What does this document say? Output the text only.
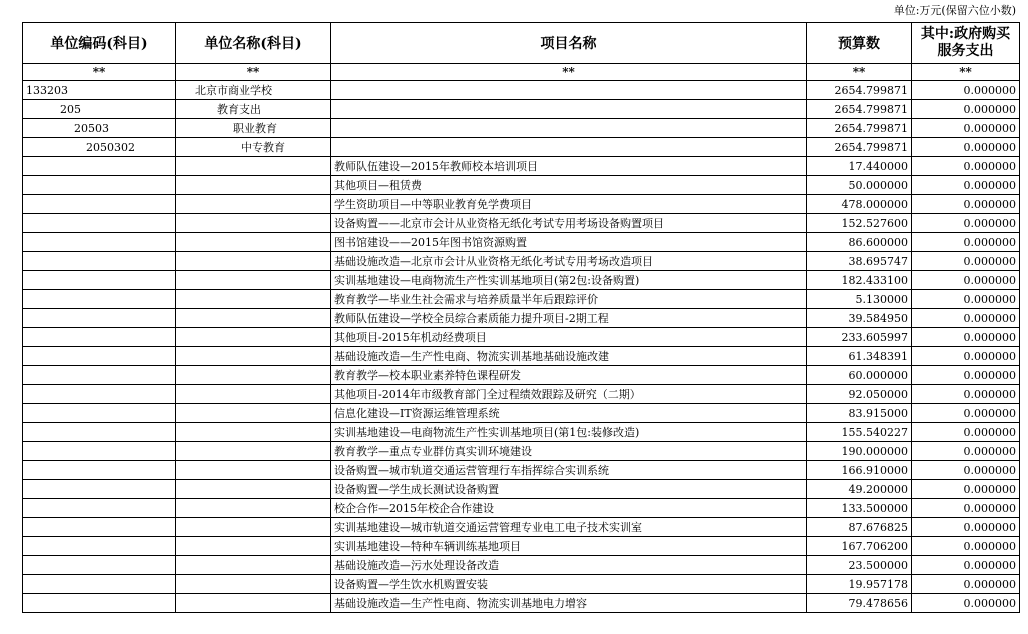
单位:万元(保留六位小数)
单位编码(科目)	单位名称(科目)	项目名称	预算数	其中:政府购买服务支出
**	**	**	**	**
133203	北京市商业学校		2654.799871	0.000000
205	教育支出		2654.799871	0.000000
20503	职业教育		2654.799871	0.000000
2050302	中专教育		2654.799871	0.000000
		教师队伍建设—2015年教师校本培训项目	17.440000	0.000000
		其他项目—租赁费	50.000000	0.000000
		学生资助项目—中等职业教育免学费项目	478.000000	0.000000
		设备购置——北京市会计从业资格无纸化考试专用考场设备购置项目	152.527600	0.000000
		图书馆建设——2015年图书馆资源购置	86.600000	0.000000
		基础设施改造—北京市会计从业资格无纸化考试专用考场改造项目	38.695747	0.000000
		实训基地建设—电商物流生产性实训基地项目(第2包:设备购置)	182.433100	0.000000
		教育教学—毕业生社会需求与培养质量半年后跟踪评价	5.130000	0.000000
		教师队伍建设—学校全员综合素质能力提升项目-2期工程	39.584950	0.000000
		其他项目-2015年机动经费项目	233.605997	0.000000
		基础设施改造—生产性电商、物流实训基地基础设施改建	61.348391	0.000000
		教育教学—校本职业素养特色课程研发	60.000000	0.000000
		其他项目-2014年市级教育部门全过程绩效跟踪及研究（二期）	92.050000	0.000000
		信息化建设—IT资源运维管理系统	83.915000	0.000000
		实训基地建设—电商物流生产性实训基地项目(第1包:装修改造)	155.540227	0.000000
		教育教学—重点专业群仿真实训环境建设	190.000000	0.000000
		设备购置—城市轨道交通运营管理行车指挥综合实训系统	166.910000	0.000000
		设备购置—学生成长测试设备购置	49.200000	0.000000
		校企合作—2015年校企合作建设	133.500000	0.000000
		实训基地建设—城市轨道交通运营管理专业电工电子技术实训室	87.676825	0.000000
		实训基地建设—特种车辆训练基地项目	167.706200	0.000000
		基础设施改造—污水处理设备改造	23.500000	0.000000
		设备购置—学生饮水机购置安装	19.957178	0.000000
		基础设施改造—生产性电商、物流实训基地电力增容	79.478656	0.000000
